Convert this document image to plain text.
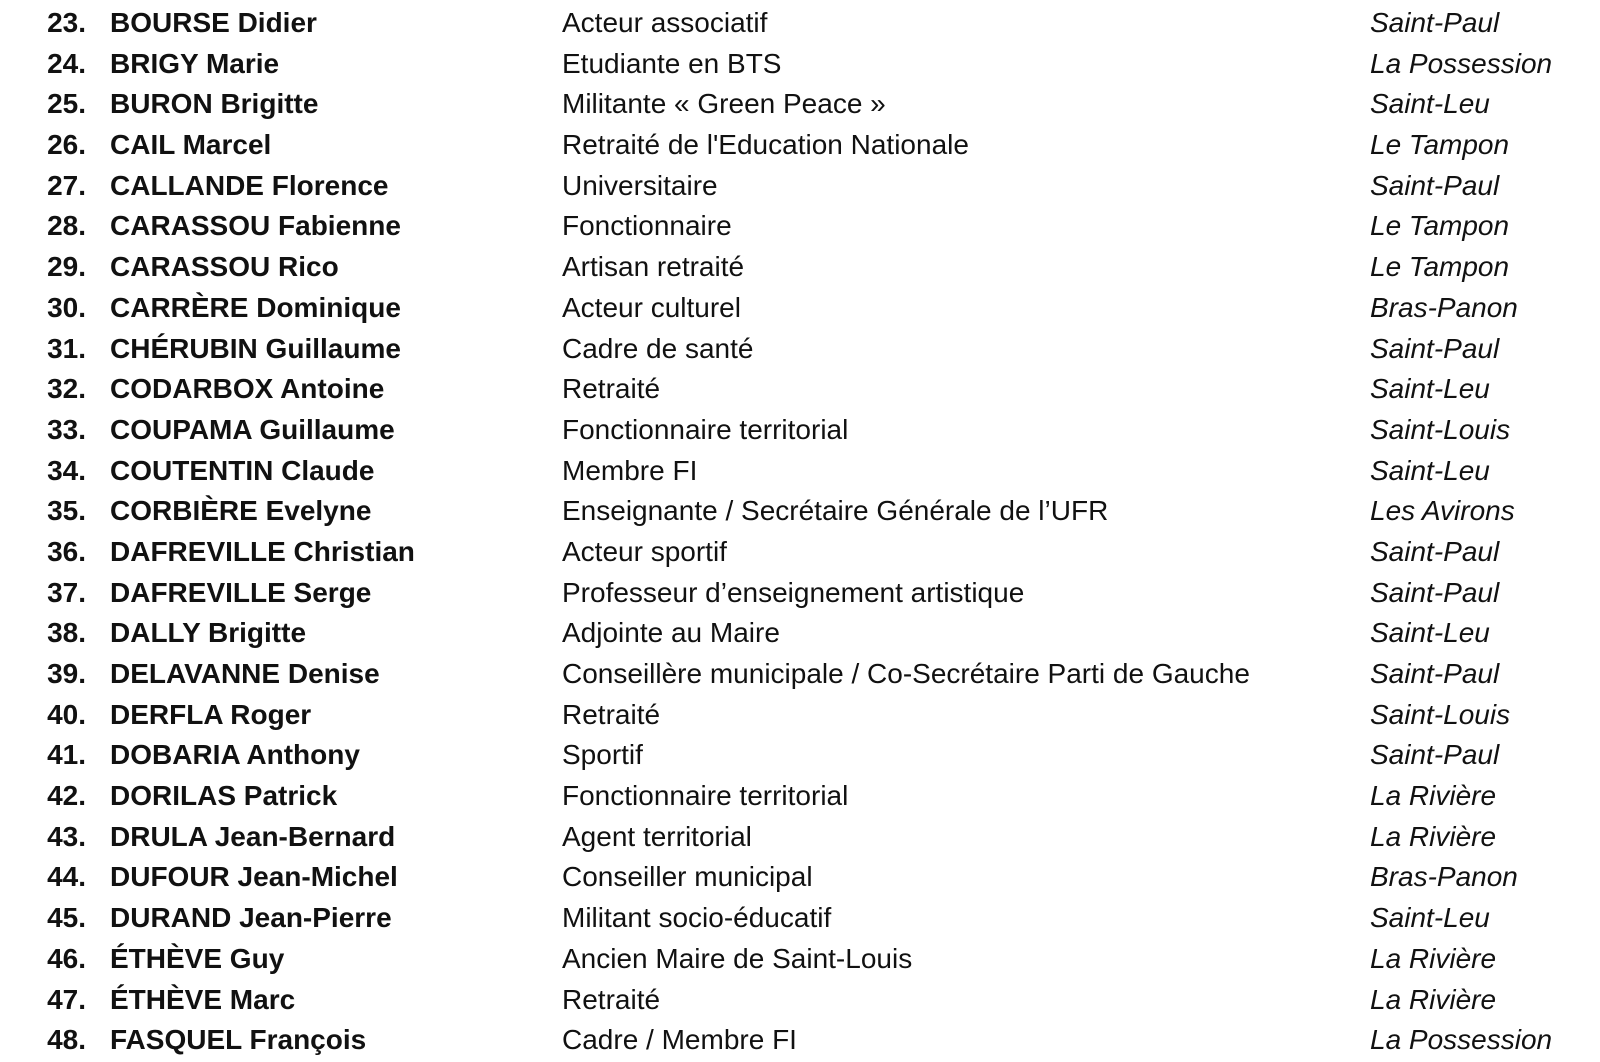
23. BOURSE Didier	Acteur associatif	Saint-Paul
24. BRIGY Marie	Etudiante en BTS	La Possession
25. BURON Brigitte	Militante « Green Peace »	Saint-Leu
26. CAIL Marcel	Retraité de l'Education Nationale	Le Tampon
27. CALLANDE Florence	Universitaire	Saint-Paul
28. CARASSOU Fabienne	Fonctionnaire	Le Tampon
29. CARASSOU Rico	Artisan retraité	Le Tampon
30. CARRÈRE Dominique	Acteur culturel	Bras-Panon
31. CHÉRUBIN Guillaume	Cadre de santé	Saint-Paul
32. CODARBOX Antoine	Retraité	Saint-Leu
33. COUPAMA Guillaume	Fonctionnaire territorial	Saint-Louis
34. COUTENTIN Claude	Membre FI	Saint-Leu
35. CORBIÈRE Evelyne	Enseignante / Secrétaire Générale de l’UFR	Les Avirons
36. DAFREVILLE Christian	Acteur sportif	Saint-Paul
37. DAFREVILLE Serge	Professeur d’enseignement artistique	Saint-Paul
38. DALLY Brigitte	Adjointe au Maire	Saint-Leu
39. DELAVANNE Denise	Conseillère municipale / Co-Secrétaire Parti de Gauche	Saint-Paul
40. DERFLA Roger	Retraité	Saint-Louis
41. DOBARIA Anthony	Sportif	Saint-Paul
42. DORILAS Patrick	Fonctionnaire territorial	La Rivière
43. DRULA Jean-Bernard	Agent territorial	La Rivière
44. DUFOUR Jean-Michel	Conseiller municipal	Bras-Panon
45. DURAND Jean-Pierre	Militant socio-éducatif	Saint-Leu
46. ÉTHÈVE Guy	Ancien Maire de Saint-Louis	La Rivière
47. ÉTHÈVE Marc	Retraité	La Rivière
48. FASQUEL François	Cadre / Membre FI	La Possession
